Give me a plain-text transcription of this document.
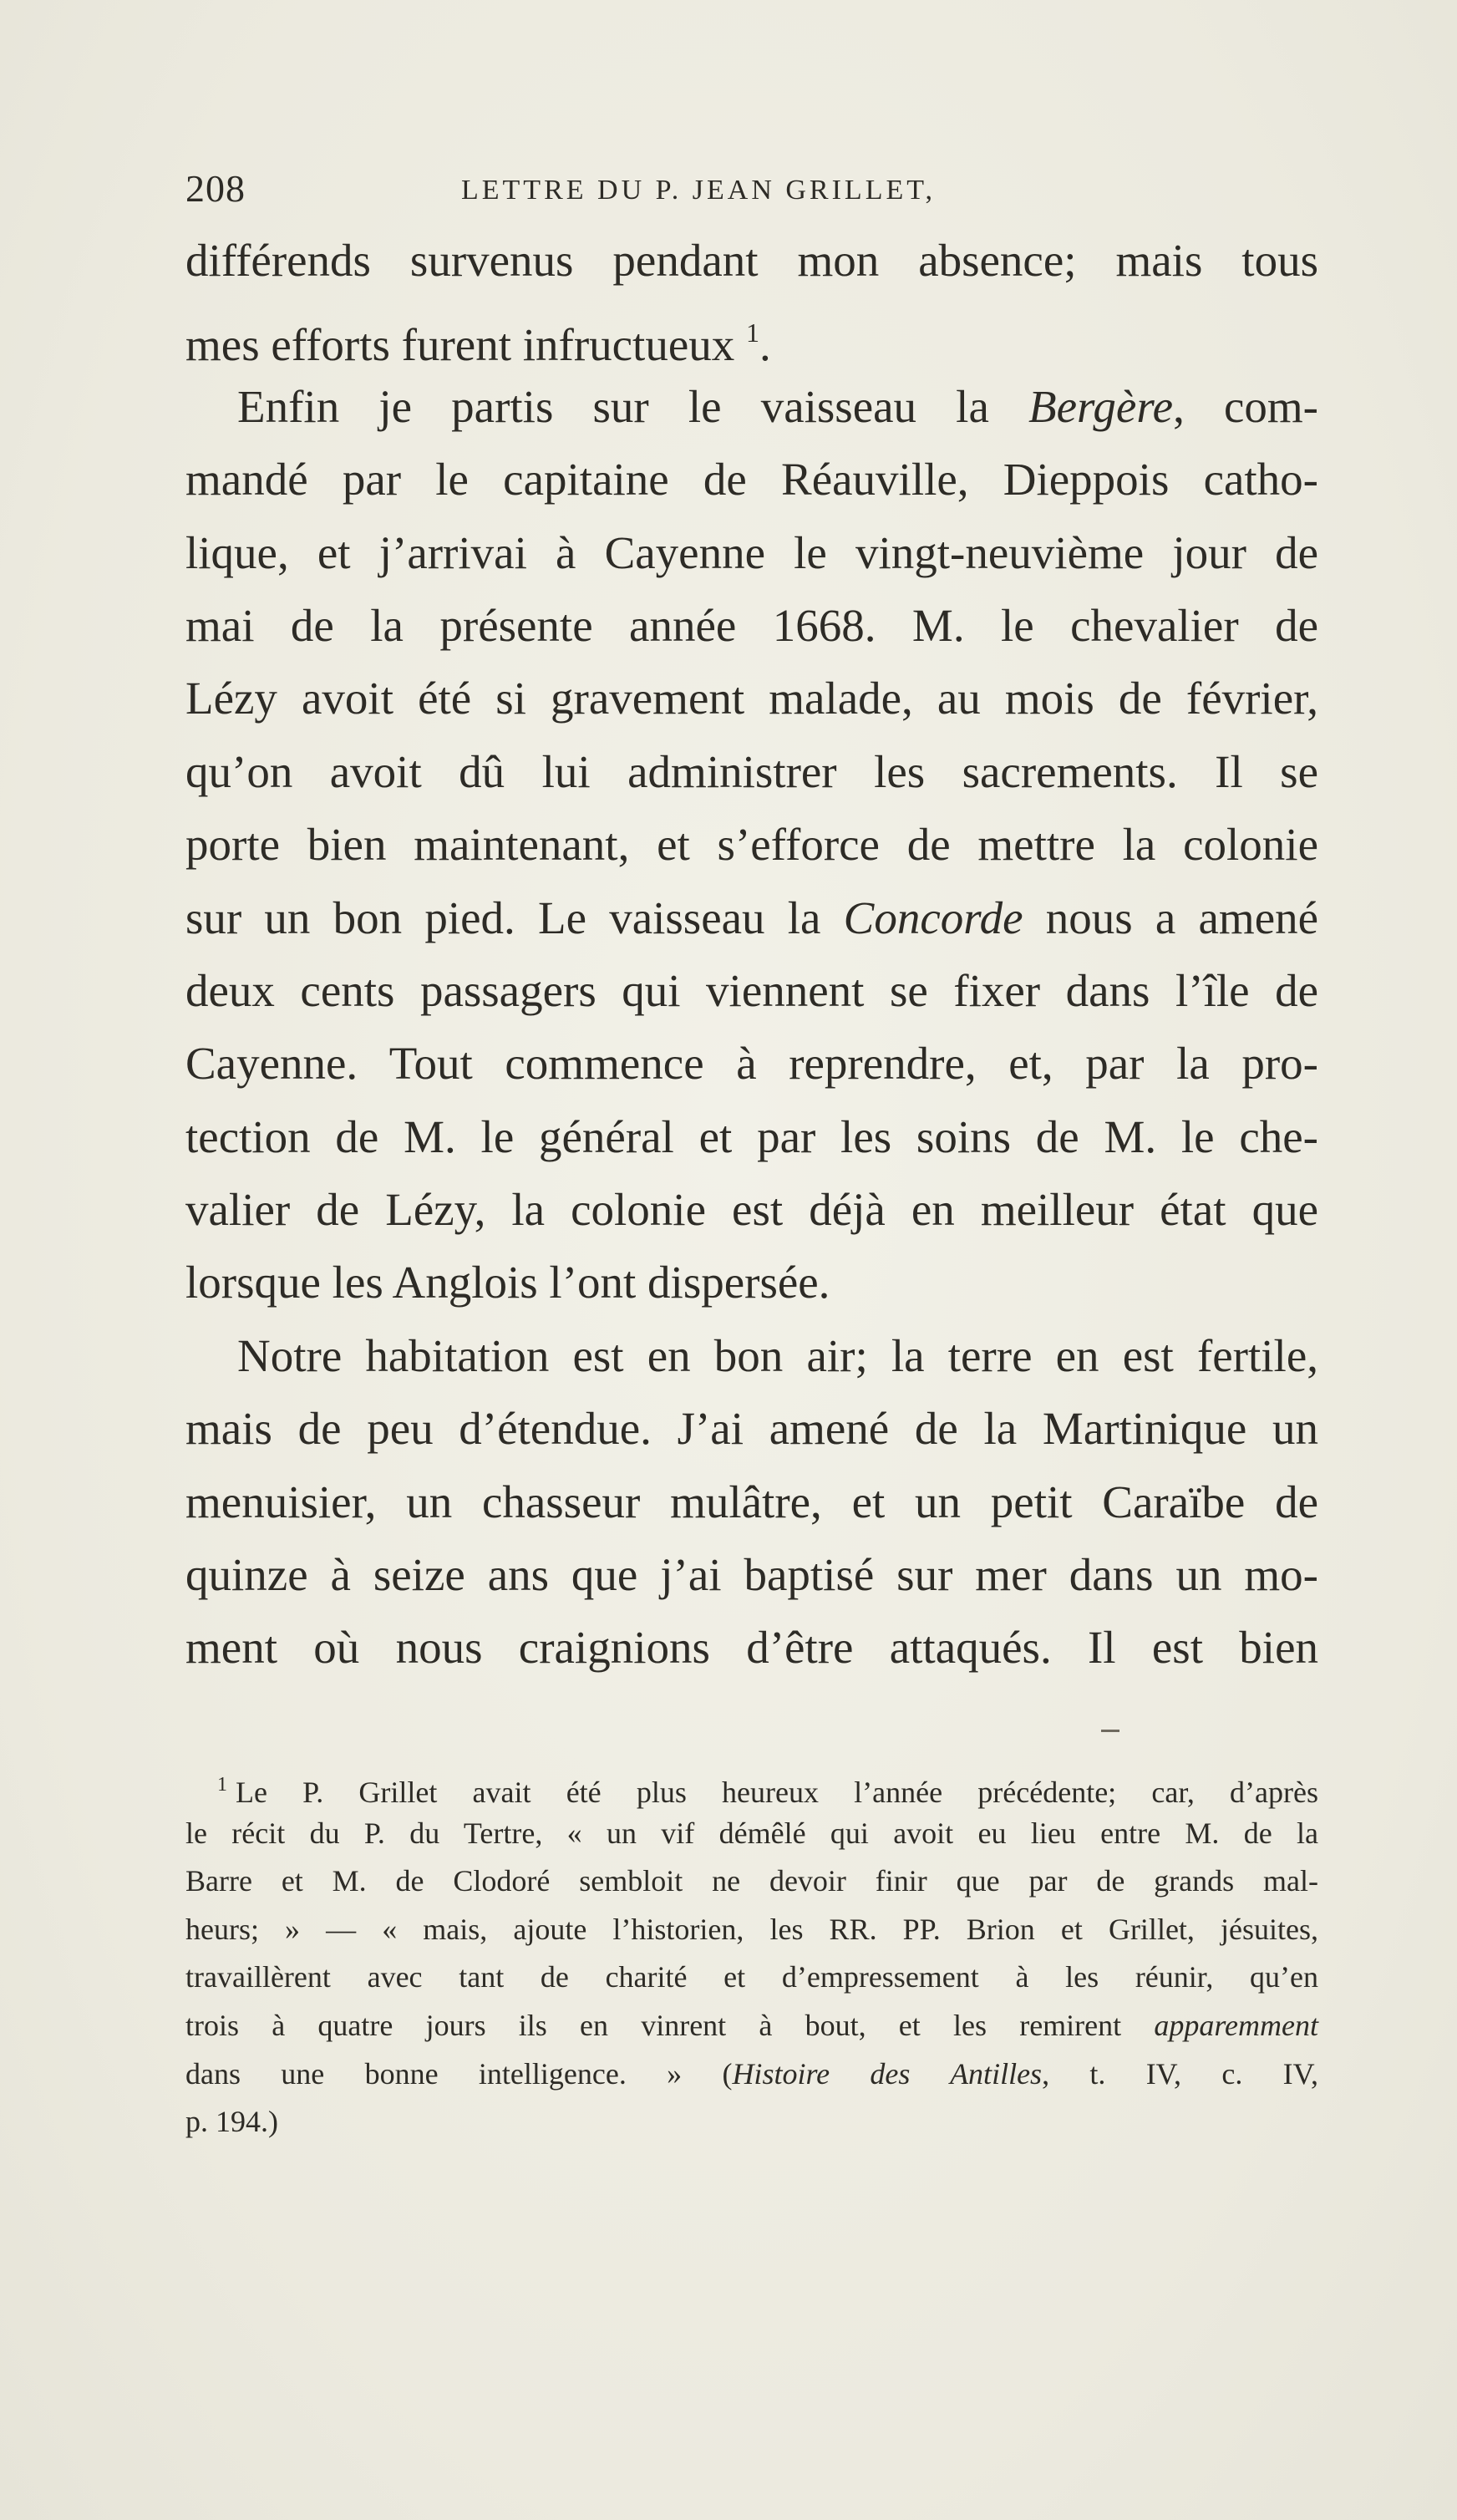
208	LETTRE DU P. JEAN GRILLET,
différends survenus pendant mon absence; mais tous
mes efforts furent infructueux $^1$.
Enfin je partis sur le vaisseau la Bergère, com-
mandé par le capitaine de Réauville, Dieppois catho-
lique, et j’arrivai à Cayenne le vingt-neuvième jour de
mai de la présente année 1668. M. le chevalier de
Lézy avoit été si gravement malade, au mois de février,
qu’on avoit dû lui administrer les sacrements. Il se
porte bien maintenant, et s’efforce de mettre la colonie
sur un bon pied. Le vaisseau la Concorde nous a amené
deux cents passagers qui viennent se fixer dans l’île de
Cayenne. Tout commence à reprendre, et, par la pro-
tection de M. le général et par les soins de M. le che-
valier de Lézy, la colonie est déjà en meilleur état que
lorsque les Anglois l’ont dispersée.
Notre habitation est en bon air; la terre en est fertile,
mais de peu d’étendue. J’ai amené de la Martinique un
menuisier, un chasseur mulâtre, et un petit Caraïbe de
quinze à seize ans que j’ai baptisé sur mer dans un mo-
ment où nous craignions d’être attaqués. Il est bien
$^1$ Le P. Grillet avait été plus heureux l’année précédente; car, d’après
le récit du P. du Tertre, « un vif démêlé qui avoit eu lieu entre M. de la
Barre et M. de Clodoré sembloit ne devoir finir que par de grands mal-
heurs; » — « mais, ajoute l’historien, les RR. PP. Brion et Grillet, jésuites,
travaillèrent avec tant de charité et d’empressement à les réunir, qu’en
trois à quatre jours ils en vinrent à bout, et les remirent apparemment
dans une bonne intelligence. » (Histoire des Antilles, t. IV, c. IV,
p. 194.)
